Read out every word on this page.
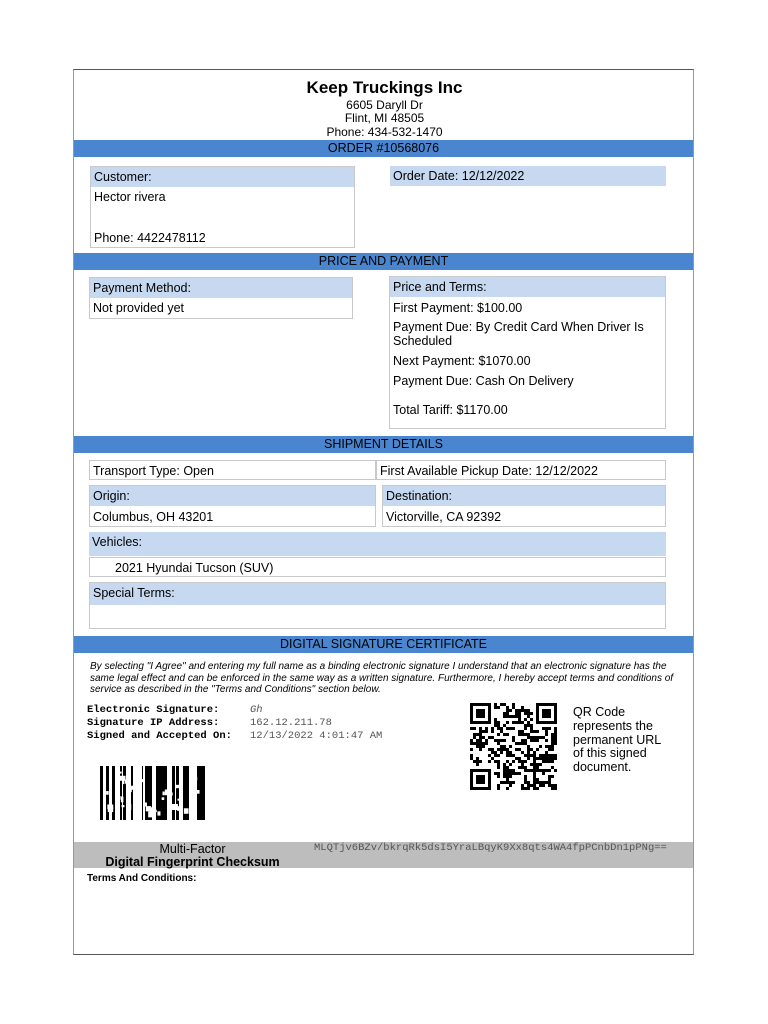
Keep Truckings Inc
6605 Daryll Dr
Flint, MI 48505
Phone: 434-532-1470
ORDER #10568076
Customer:
Hector rivera
Phone: 4422478112
Order Date: 12/12/2022
PRICE AND PAYMENT
Payment Method:
Not provided yet
Price and Terms:
First Payment: $100.00
Payment Due: By Credit Card When Driver Is Scheduled
Next Payment: $1070.00
Payment Due: Cash On Delivery
Total Tariff: $1170.00
SHIPMENT DETAILS
Transport Type: Open	First Available Pickup Date: 12/12/2022
Origin:
Columbus, OH 43201
Destination:
Victorville, CA 92392
Vehicles:
2021 Hyundai Tucson (SUV)
Special Terms:
DIGITAL SIGNATURE CERTIFICATE
By selecting "I Agree" and entering my full name as a binding electronic signature I understand that an electronic signature has the same legal effect and can be enforced in the same way as a written signature. Furthermore, I hereby accept terms and conditions of service as described in the "Terms and Conditions" section below.
Electronic Signature:	Gh
Signature IP Address:	162.12.211.78
Signed and Accepted On: 12/13/2022 4:01:47 AM
QR Code represents the permanent URL of this signed document.
Multi-Factor
Digital Fingerprint Checksum
MLQTjv6BZv/bkrqRk5dsI5YraLBqyK9Xx8qts4WA4fpPCnbDn1pPNg==
Terms And Conditions:
